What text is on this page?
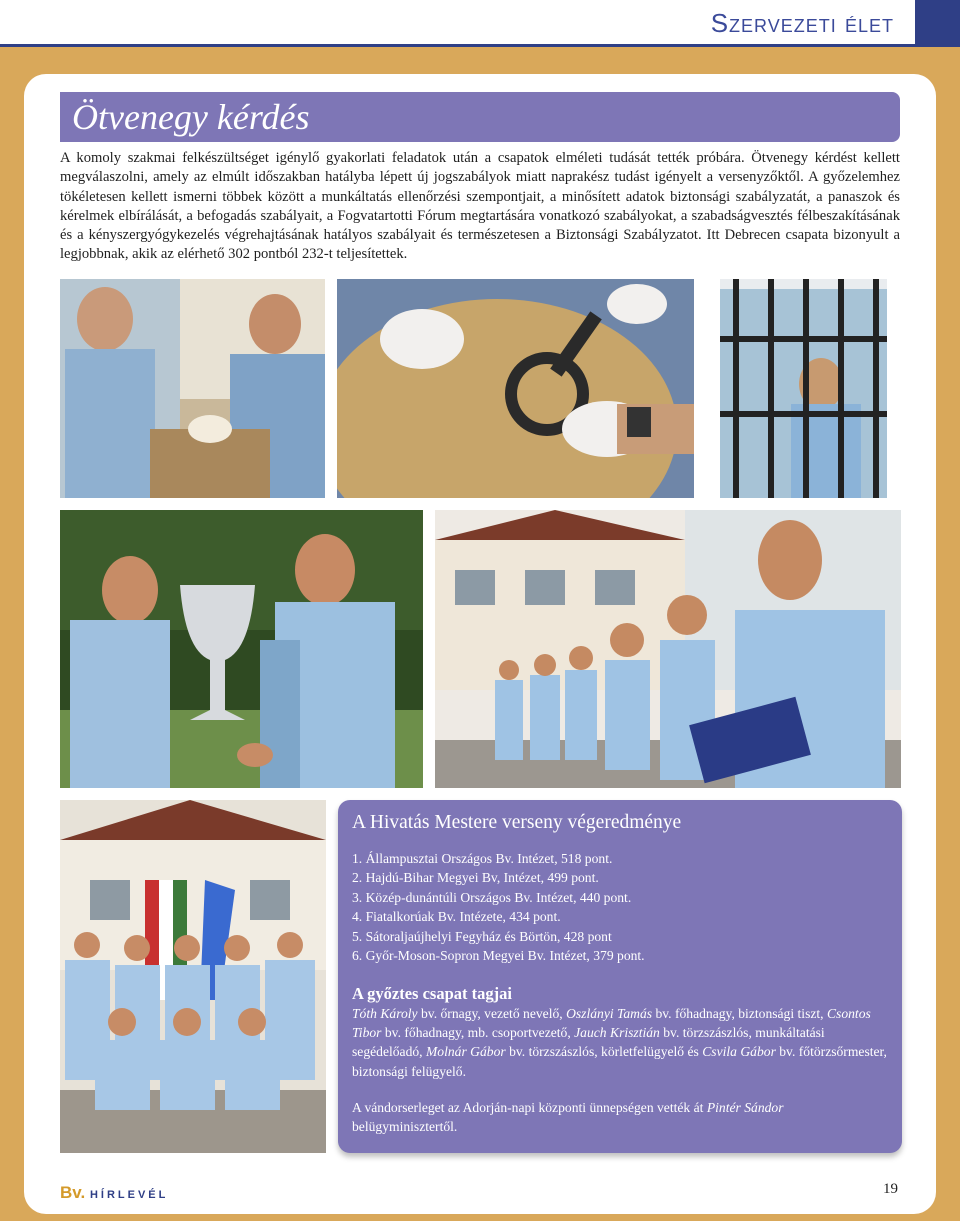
Szervezeti élet
Ötvenegy kérdés

A komoly szakmai felkészültséget igénylő gyakorlati feladatok után a csapatok elméleti tudását tették próbára. Ötvenegy kérdést kellett megválaszolni, amely az elmúlt időszakban hatályba lépett új jogszabályok miatt naprakész tudást igényelt a versenyzőktől. A győzelemhez tökéletesen kellett ismerni többek között a munkáltatás ellenőrzési szempontjait, a minősített adatok biztonsági szabályzatát, a panaszok és kérelmek elbírálását, a befogadás szabályait, a Fogvatartotti Fórum megtartására vonatkozó szabályokat, a szabadságvesztés félbeszakításának és a kényszergyógykezelés végrehajtásának hatályos szabályait és természetesen a Biztonsági Szabályzatot. Itt Debrecen csapata bizonyult a legjobbnak, akik az elérhető 302 pontból 232-t teljesítettek.

A Hivatás Mestere verseny végeredménye
1. Állampusztai Országos Bv. Intézet, 518 pont.
2. Hajdú-Bihar Megyei Bv, Intézet, 499 pont.
3. Közép-dunántúli Országos Bv. Intézet, 440 pont.
4. Fiatalkorúak Bv. Intézete, 434 pont.
5. Sátoraljaújhelyi Fegyház és Börtön, 428 pont
6. Győr-Moson-Sopron Megyei Bv. Intézet, 379 pont.
A győztes csapat tagjai

Tóth Károly bv. őrnagy, vezető nevelő, Oszlányi Tamás bv. főhadnagy, biztonsági tiszt, Csontos Tibor bv. főhadnagy, mb. csoportvezető, Jauch Krisztián bv. törzszászlós, munkáltatási segédelőadó, Molnár Gábor bv. törzszászlós, körletfelügyelő és Csvila Gábor bv. főtörzsőrmester, biztonsági felügyelő.

A vándorserleget az Adorján-napi központi ünnepségen vették át Pintér Sándor belügyminisztertől.

Bv. HÍRLEVÉL	19
